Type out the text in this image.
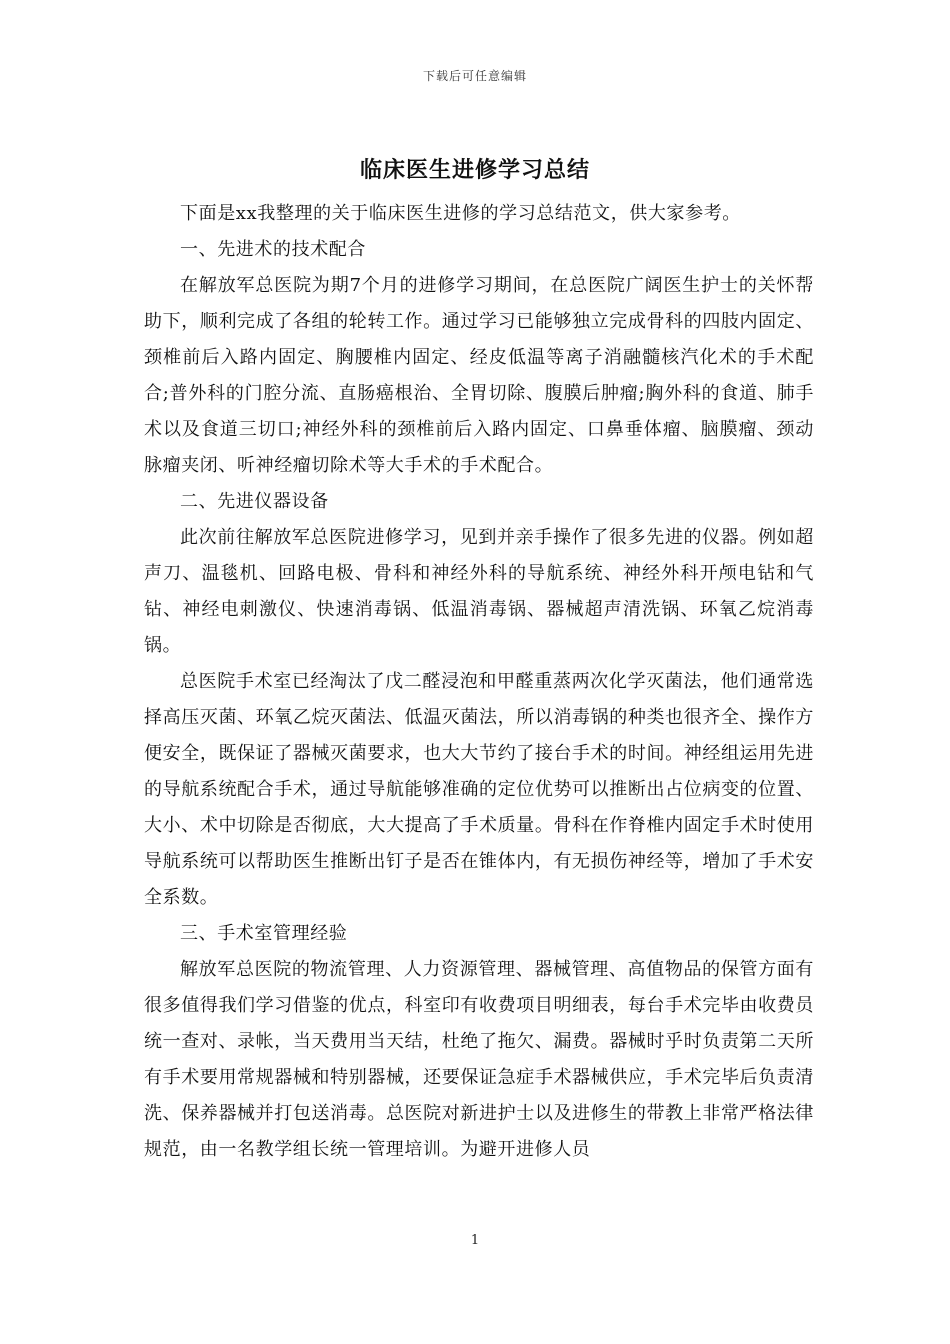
下载后可任意编辑
临床医生进修学习总结

下面是xx我整理的关于临床医生进修的学习总结范文，供大家参考。

一、先进术的技术配合

在解放军总医院为期7个月的进修学习期间，在总医院广阔医生护士的关怀帮助下，顺利完成了各组的轮转工作。通过学习已能够独立完成骨科的四肢内固定、颈椎前后入路内固定、胸腰椎内固定、经皮低温等离子消融髓核汽化术的手术配合;普外科的门腔分流、直肠癌根治、全胃切除、腹膜后肿瘤;胸外科的食道、肺手术以及食道三切口;神经外科的颈椎前后入路内固定、口鼻垂体瘤、脑膜瘤、颈动脉瘤夹闭、听神经瘤切除术等大手术的手术配合。

二、先进仪器设备

此次前往解放军总医院进修学习，见到并亲手操作了很多先进的仪器。例如超声刀、温毯机、回路电极、骨科和神经外科的导航系统、神经外科开颅电钻和气钻、神经电刺激仪、快速消毒锅、低温消毒锅、器械超声清洗锅、环氧乙烷消毒锅。

总医院手术室已经淘汰了戊二醛浸泡和甲醛重蒸两次化学灭菌法，他们通常选择高压灭菌、环氧乙烷灭菌法、低温灭菌法，所以消毒锅的种类也很齐全、操作方便安全，既保证了器械灭菌要求，也大大节约了接台手术的时间。神经组运用先进的导航系统配合手术，通过导航能够准确的定位优势可以推断出占位病变的位置、大小、术中切除是否彻底，大大提高了手术质量。骨科在作脊椎内固定手术时使用导航系统可以帮助医生推断出钉子是否在锥体内，有无损伤神经等，增加了手术安全系数。

三、手术室管理经验

解放军总医院的物流管理、人力资源管理、器械管理、高值物品的保管方面有很多值得我们学习借鉴的优点，科室印有收费项目明细表，每台手术完毕由收费员统一查对、录帐，当天费用当天结，杜绝了拖欠、漏费。器械时乎时负责第二天所有手术要用常规器械和特别器械，还要保证急症手术器械供应，手术完毕后负责清洗、保养器械并打包送消毒。总医院对新进护士以及进修生的带教上非常严格法律规范，由一名教学组长统一管理培训。为避开进修人员

1
